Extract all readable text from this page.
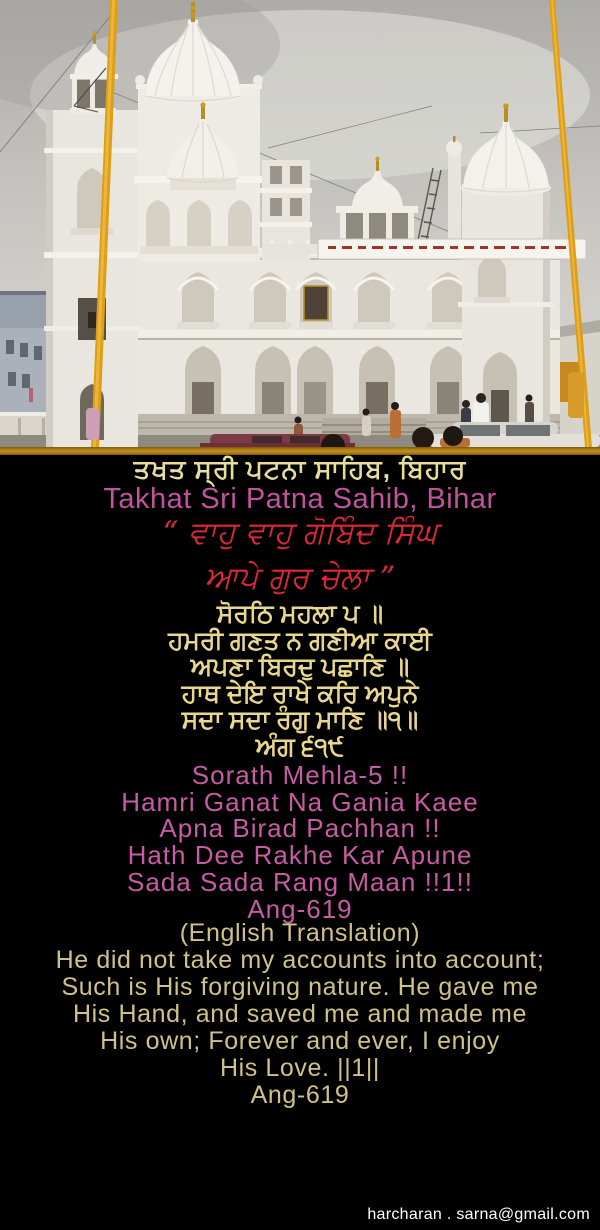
ਤਖਤ ਸ੍ਰੀ ਪਟਨਾ ਸਾਹਿਬ, ਬਿਹਾਰ
Takhat Sri Patna Sahib, Bihar
“ ਵਾਹੁ ਵਾਹੁ ਗੋਬਿੰਦ ਸਿੰਘ
ਆਪੇ ਗੁਰ ਚੇਲਾ ”
ਸੋਰਠਿ ਮਹਲਾ ਪ ॥
ਹਮਰੀ ਗਣਤ ਨ ਗਣੀਆ ਕਾਈ
ਅਪਣਾ ਬਿਰਦੁ ਪਛਾਣਿ ॥
ਹਾਥ ਦੇਇ ਰਾਖੇ ਕਰਿ ਅਪੁਨੇ
ਸਦਾ ਸਦਾ ਰੰਗੁ ਮਾਣਿ ॥੧॥
ਅੰਗ ੬੧੯
Sorath Mehla-5 !!
Hamri Ganat Na Gania Kaee
Apna Birad Pachhan !!
Hath Dee Rakhe Kar Apune
Sada Sada Rang Maan !!1!!
Ang-619
(English Translation)
He did not take my accounts into account;
Such is His forgiving nature. He gave me
His Hand, and saved me and made me
His own; Forever and ever, I enjoy
His Love. ||1||
Ang-619
harcharan . sarna@gmail.com
